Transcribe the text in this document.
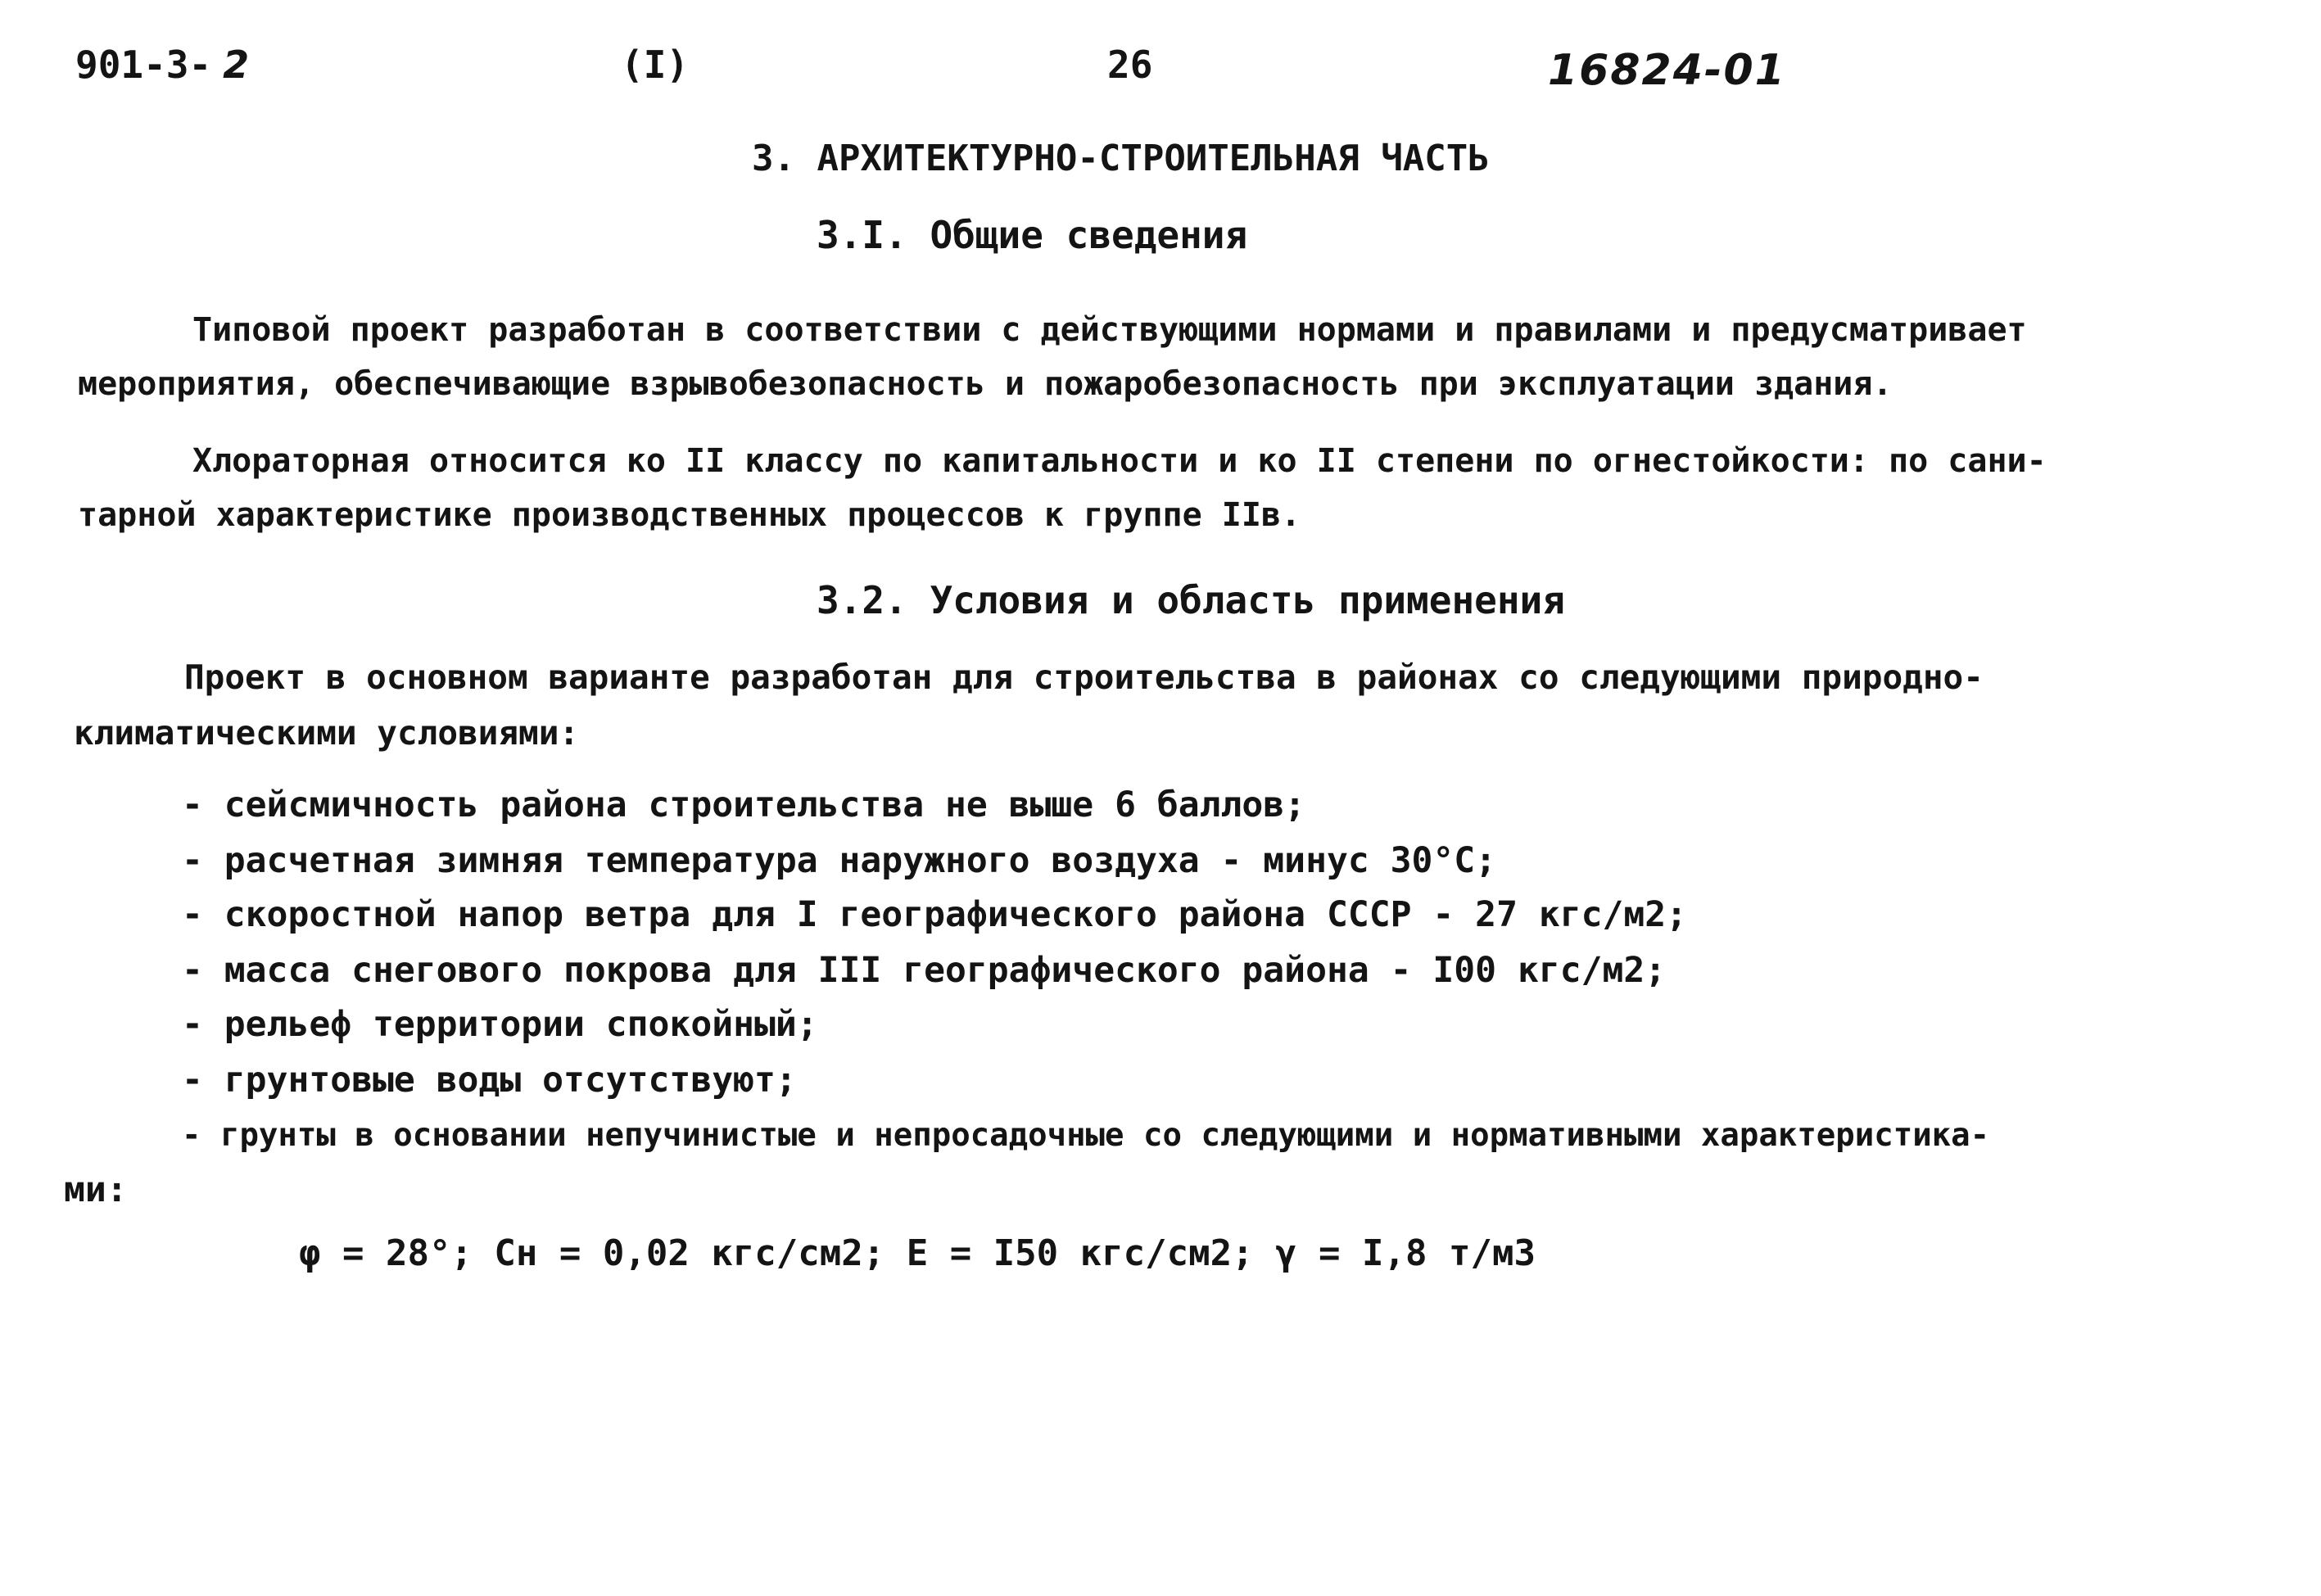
901-3- 2	(I)	26	16824-01
3. АРХИТЕКТУРНО-СТРОИТЕЛЬНАЯ ЧАСТЬ
3.I. Общие сведения
Типовой проект разработан в соответствии с действующими нормами и правилами и предусматривает
мероприятия, обеспечивающие взрывобезопасность и пожаробезопасность при эксплуатации здания.
Хлораторная относится ко II классу по капитальности и ко II степени по огнестойкости: по сани-
тарной характеристике производственных процессов к группе IIв.
3.2. Условия и область применения
Проект в основном варианте разработан для строительства в районах со следующими природно-
климатическими условиями:
- сейсмичность района строительства не выше 6 баллов;
- расчетная зимняя температура наружного воздуха - минус 30°С;
- скоростной напор ветра для I географического района СССР - 27 кгс/м2;
- масса снегового покрова для III географического района - I00 кгс/м2;
- рельеф территории спокойный;
- грунтовые воды отсутствуют;
- грунты в основании непучинистые и непросадочные со следующими и нормативными характеристика-
ми:
φ = 28°; Сн = 0,02 кгс/см2; Е = I50 кгс/см2; γ = I,8 т/м3
